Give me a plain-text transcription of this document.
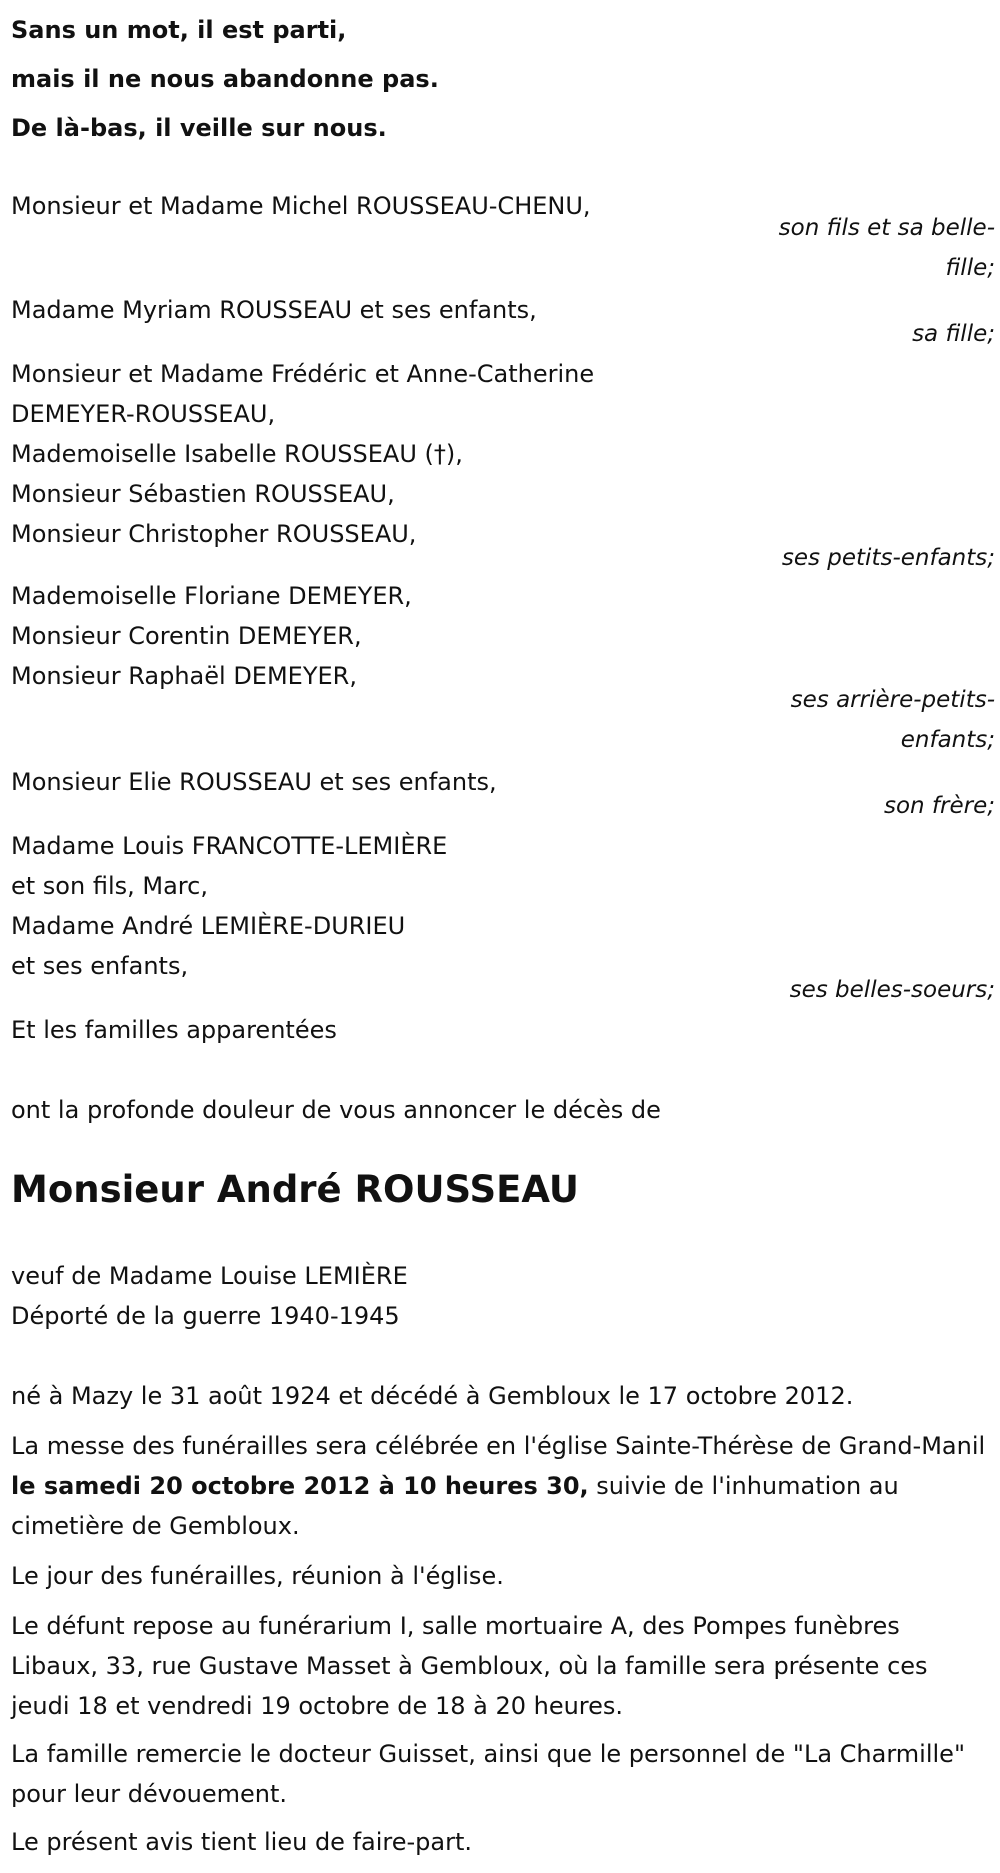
Sans un mot, il est parti,
mais il ne nous abandonne pas.
De là-bas, il veille sur nous.
Monsieur et Madame Michel ROUSSEAU-CHENU,
son fils et sa belle-fille;
Madame Myriam ROUSSEAU et ses enfants,
sa fille;
Monsieur et Madame Frédéric et Anne-Catherine
DEMEYER-ROUSSEAU,
Mademoiselle Isabelle ROUSSEAU (†),
Monsieur Sébastien ROUSSEAU,
Monsieur Christopher ROUSSEAU,
ses petits-enfants;
Mademoiselle Floriane DEMEYER,
Monsieur Corentin DEMEYER,
Monsieur Raphaël DEMEYER,
ses arrière-petits-enfants;
Monsieur Elie ROUSSEAU et ses enfants,
son frère;
Madame Louis FRANCOTTE-LEMIÈRE
et son fils, Marc,
Madame André LEMIÈRE-DURIEU
et ses enfants,
ses belles-soeurs;
Et les familles apparentées
ont la profonde douleur de vous annoncer le décès de
Monsieur André ROUSSEAU
veuf de Madame Louise LEMIÈRE
Déporté de la guerre 1940-1945
né à Mazy le 31 août 1924 et décédé à Gembloux le 17 octobre 2012.
La messe des funérailles sera célébrée en l'église Sainte-Thérèse de Grand-Manil le samedi 20 octobre 2012 à 10 heures 30, suivie de l'inhumation au cimetière de Gembloux.
Le jour des funérailles, réunion à l'église.
Le défunt repose au funérarium I, salle mortuaire A, des Pompes funèbres Libaux, 33, rue Gustave Masset à Gembloux, où la famille sera présente ces jeudi 18 et vendredi 19 octobre de 18 à 20 heures.
La famille remercie le docteur Guisset, ainsi que le personnel de "La Charmille" pour leur dévouement.
Le présent avis tient lieu de faire-part.
